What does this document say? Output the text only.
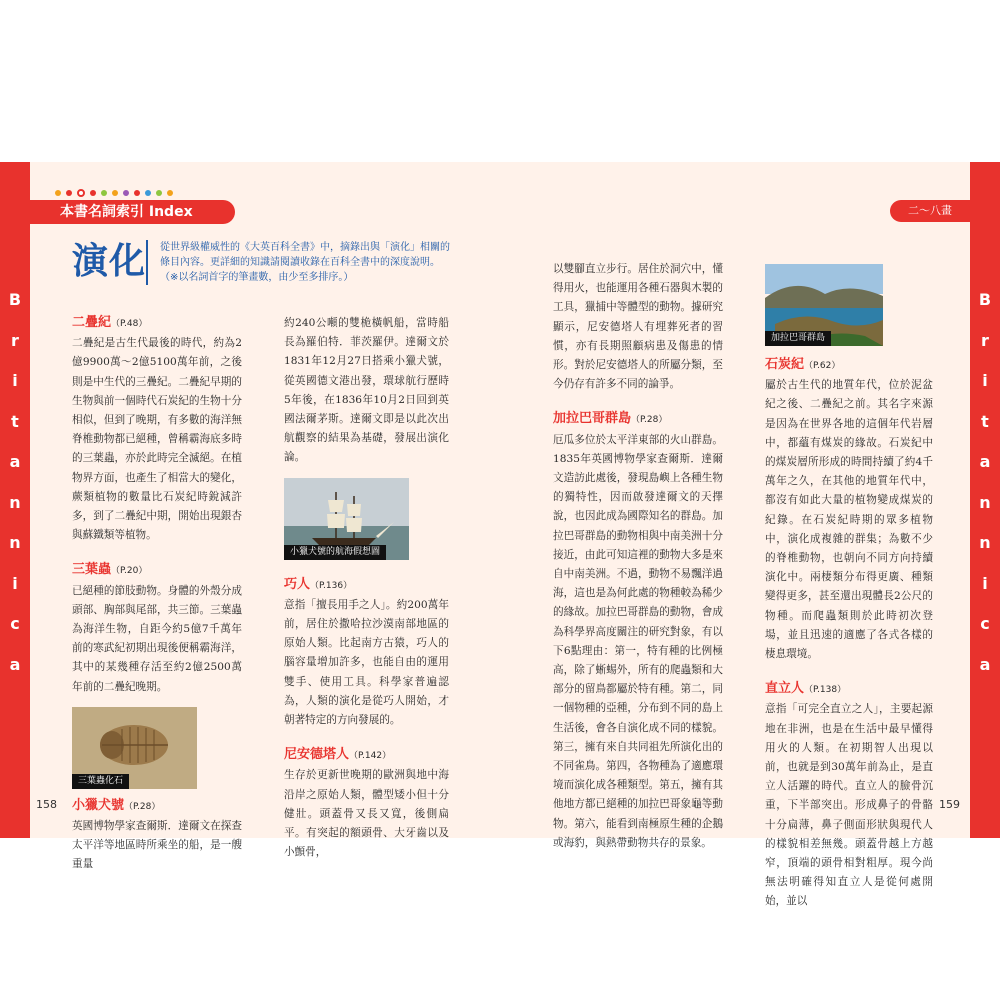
B
r
i
t
a
n
n
i
c
a
B
r
i
t
a
n
n
i
c
a
本書名詞索引 Index	二〜八畫
演化	從世界級權威性的《大英百科全書》中，摘錄出與「演化」相關的條目內容。更詳細的知識請閱讀收錄在百科全書中的深度說明。（※以名詞首字的筆畫數，由少至多排序。）
二疊紀（P.48）

二疊紀是古生代最後的時代，約為2億9900萬〜2億5100萬年前，之後則是中生代的三疊紀。二疊紀早期的生物與前一個時代石炭紀的生物十分相似，但到了晚期，有多數的海洋無脊椎動物都已絕種，曾稱霸海底多時的三葉蟲，亦於此時完全滅絕。在植物界方面，也產生了相當大的變化，蕨類植物的數量比石炭紀時銳減許多，到了二疊紀中期，開始出現銀杏與蘇鐵類等植物。

三葉蟲（P.20）

已絕種的節肢動物。身體的外殼分成頭部、胸部與尾部，共三節。三葉蟲為海洋生物，自距今約5億7千萬年前的寒武紀初期出現後便稱霸海洋，其中的某幾種存活至約2億2500萬年前的二疊紀晚期。

三葉蟲化石
小獵犬號（P.28）

英國博物學家查爾斯．達爾文在探查太平洋等地區時所乘坐的船，是一艘重量

約240公噸的雙桅橫帆船，當時船長為羅伯特．菲茨羅伊。達爾文於1831年12月27日搭乘小獵犬號，從英國德文港出發，環球航行歷時5年後，在1836年10月2日回到英國法爾茅斯。達爾文即是以此次出航觀察的結果為基礎，發展出演化論。

小獵犬號的航海假想圖
巧人（P.136）

意指「擅長用手之人」。約200萬年前，居住於撒哈拉沙漠南部地區的原始人類。比起南方古猿，巧人的腦容量增加許多，也能自由的運用雙手、使用工具。科學家普遍認為，人類的演化是從巧人開始，才朝著特定的方向發展的。

尼安德塔人（P.142）

生存於更新世晚期的歐洲與地中海沿岸之原始人類，體型矮小但十分健壯。頭蓋骨又長又寬，後側扁平。有突起的額頭骨、大牙齒以及小顫骨，

以雙腳直立步行。居住於洞穴中，懂得用火，也能運用各種石器與木製的工具，獵捕中等體型的動物。據研究顯示，尼安德塔人有埋葬死者的習慣，亦有長期照顧病患及傷患的情形。對於尼安德塔人的所屬分類，至今仍存有許多不同的論爭。

加拉巴哥群島（P.28）

厄瓜多位於太平洋東部的火山群島。1835年英國博物學家查爾斯．達爾文造訪此處後，發現島嶼上各種生物的獨特性，因而啟發達爾文的天擇說，也因此成為國際知名的群島。加拉巴哥群島的動物相與中南美洲十分接近，由此可知這裡的動物大多是來自中南美洲。不過，動物不易飄洋過海，這也是為何此處的物種較為稀少的緣故。加拉巴哥群島的動物，會成為科學界高度關注的研究對象，有以下6點理由：第一，特有種的比例極高，除了蜥蜴外，所有的爬蟲類和大部分的留鳥都屬於特有種。第二，同一個物種的亞種，分布到不同的島上生活後，會各自演化成不同的樣貌。第三，擁有來自共同祖先所演化出的不同雀鳥。第四，各物種為了適應環境而演化成各種類型。第五，擁有其他地方都已絕種的加拉巴哥象龜等動物。第六，能看到南極原生種的企鵝或海豹，與熱帶動物共存的景象。

加拉巴哥群島
石炭紀（P.62）

屬於古生代的地質年代，位於泥盆紀之後、二疊紀之前。其名字來源是因為在世界各地的這個年代岩層中，都蘊有煤炭的緣故。石炭紀中的煤炭層所形成的時間持續了約4千萬年之久，在其他的地質年代中，都沒有如此大量的植物變成煤炭的紀錄。在石炭紀時期的眾多植物中，演化成複雜的群集；為數不少的脊椎動物，也朝向不同方向持續演化中。兩棲類分布得更廣、種類變得更多，甚至還出現體長2公尺的物種。而爬蟲類則於此時初次登場，並且迅速的適應了各式各樣的棲息環境。

直立人（P.138）

意指「可完全直立之人」，主要起源地在非洲，也是在生活中最早懂得用火的人類。在初期智人出現以前，也就是到30萬年前為止，是直立人活躍的時代。直立人的臉骨沉重，下半部突出。形成鼻子的骨骼十分扁薄，鼻子側面形狀與現代人的樣貌相差無幾。頭蓋骨越上方越窄，頂端的頭骨相對粗厚。現今尚無法明確得知直立人是從何處開始，並以

158	159
